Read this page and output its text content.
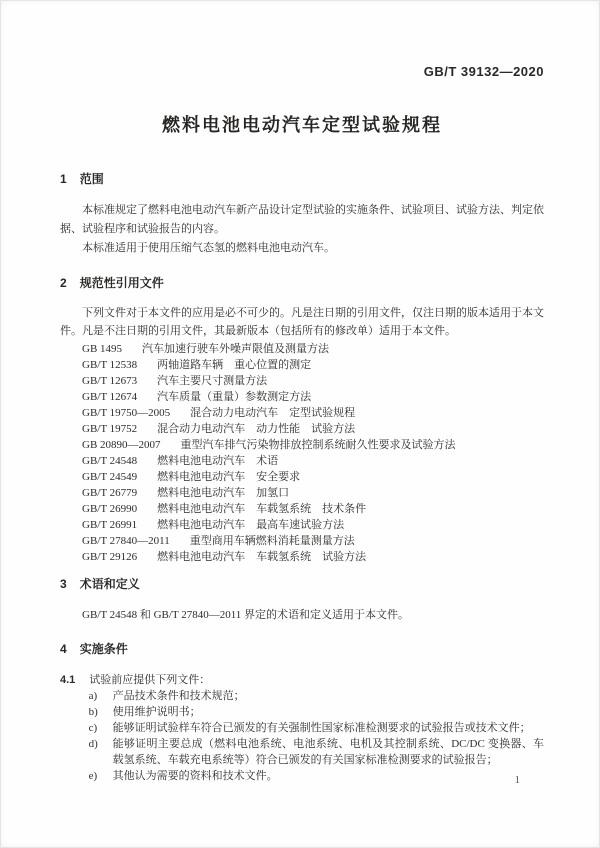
GB/T 39132—2020
燃料电池电动汽车定型试验规程
1 范围

本标准规定了燃料电池电动汽车新产品设计定型试验的实施条件、试验项目、试验方法、判定依据、试验程序和试验报告的内容。

本标准适用于使用压缩气态氢的燃料电池电动汽车。

2 规范性引用文件

下列文件对于本文件的应用是必不可少的。凡是注日期的引用文件，仅注日期的版本适用于本文件。凡是不注日期的引用文件，其最新版本（包括所有的修改单）适用于本文件。

GB 1495 汽车加速行驶车外噪声限值及测量方法
GB/T 12538 两轴道路车辆　重心位置的测定
GB/T 12673 汽车主要尺寸测量方法
GB/T 12674 汽车质量（重量）参数测定方法
GB/T 19750—2005 混合动力电动汽车　定型试验规程
GB/T 19752 混合动力电动汽车　动力性能　试验方法
GB 20890—2007 重型汽车排气污染物排放控制系统耐久性要求及试验方法
GB/T 24548 燃料电池电动汽车　术语
GB/T 24549 燃料电池电动汽车　安全要求
GB/T 26779 燃料电池电动汽车　加氢口
GB/T 26990 燃料电池电动汽车　车载氢系统　技术条件
GB/T 26991 燃料电池电动汽车　最高车速试验方法
GB/T 27840—2011 重型商用车辆燃料消耗量测量方法
GB/T 29126 燃料电池电动汽车　车载氢系统　试验方法
3 术语和定义

GB/T 24548 和 GB/T 27840—2011 界定的术语和定义适用于本文件。

4 实施条件
4.1 试验前应提供下列文件：
a)	产品技术条件和技术规范；
b)	使用维护说明书；
c)	能够证明试验样车符合已颁发的有关强制性国家标准检测要求的试验报告或技术文件；
d)	能够证明主要总成（燃料电池系统、电池系统、电机及其控制系统、DC/DC 变换器、车载氢系统、车载充电系统等）符合已颁发的有关国家标准检测要求的试验报告；
e)	其他认为需要的资料和技术文件。	1
